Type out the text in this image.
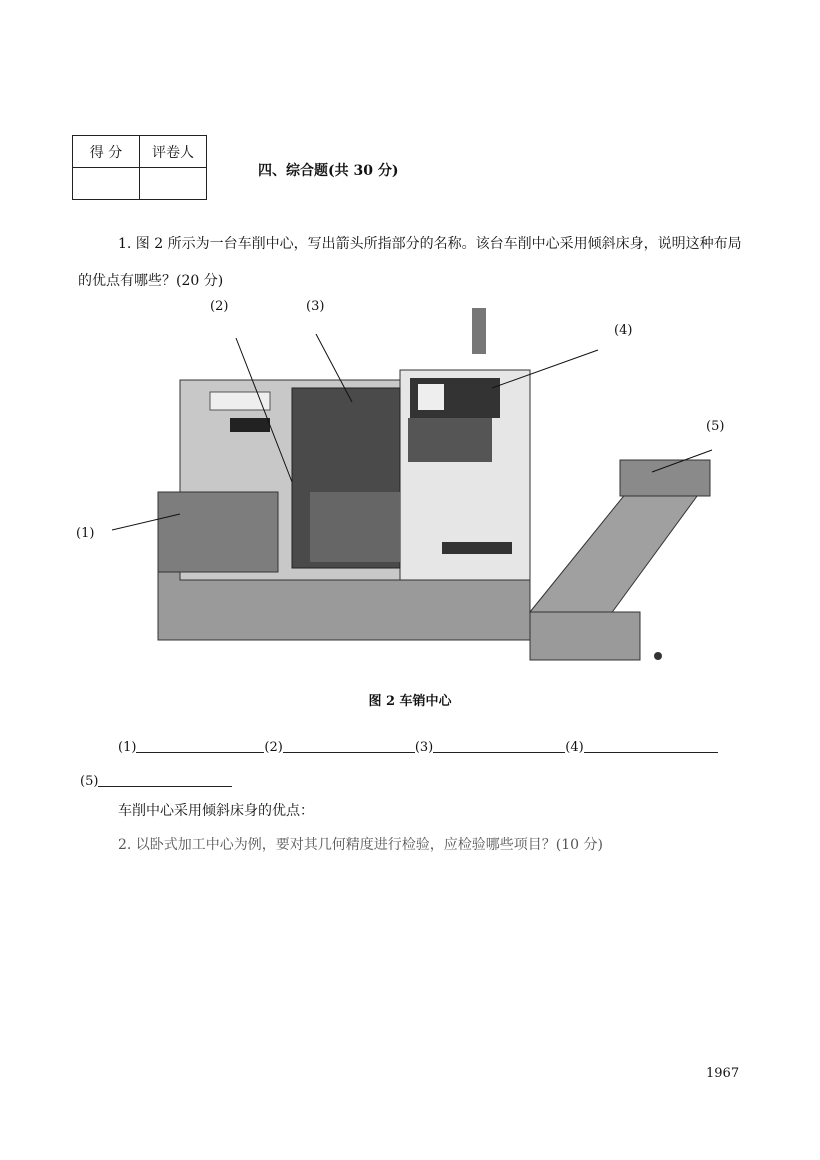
得 分	评卷人

四、综合题(共 30 分)
1. 图 2 所示为一台车削中心，写出箭头所指部分的名称。该台车削中心采用倾斜床身，说明这种布局的优点有哪些？(20 分)
(1)
(2)	(3)
(4)
(5)
图 2 车销中心
(1)	(2)	(3)	(4)
(5)
车削中心采用倾斜床身的优点：
2. 以卧式加工中心为例，要对其几何精度进行检验，应检验哪些项目？(10 分)
1967
